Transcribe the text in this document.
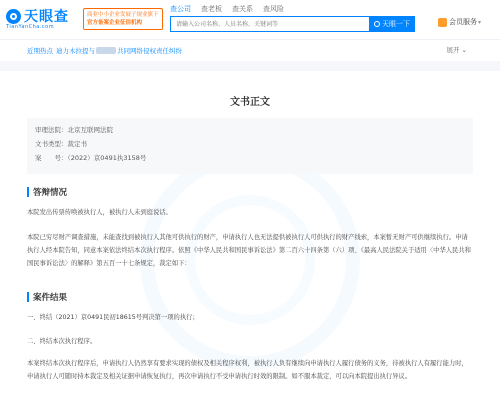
天眼查
TianYanCha.com
商业中小企业发展子规业旗下
官方备案企业征信机构
查公司 查老板 查关系 查风险
请输入公司名称、人员名称、关键词等
天眼一下	会员服务 ▾
近期热点 迪力木拉提与	共同网络侵权责任纠纷	展开 ⌄
文书正文
审理法院：北京互联网法院
文书类型：裁定书
案　　号：（2022）京0491执3158号
答辩情况
本院发出传票传唤被执行人，被执行人未到庭说话。
本院已穷尽财产调查措施，未能查找到被执行人其他可供执行的财产，申请执行人也无法提供被执行人可供执行的财产线索，本案暂无财产可供继续执行。申请执行人经本院告知，同意本案依法终结本次执行程序。依照《中华人民共和国民事诉讼法》第二百六十四条第（六）项、《最高人民法院关于适用〈中华人民共和国民事诉讼法〉的解释》第五百一十七条规定，裁定如下：
案件结果
一、终结（2021）京0491民初18615号判决第一项的执行；
二、终结本次执行程序。
本案终结本次执行程序后，申请执行人仍然享有要求实现的债权及相关程序权利，被执行人负有继续向申请执行人履行债务的义务，待被执行人有履行能力时，申请执行人可随时持本裁定及相关证据申请恢复执行，再次申请执行不受申请执行时效的限制。如不服本裁定，可以向本院提出执行异议。
